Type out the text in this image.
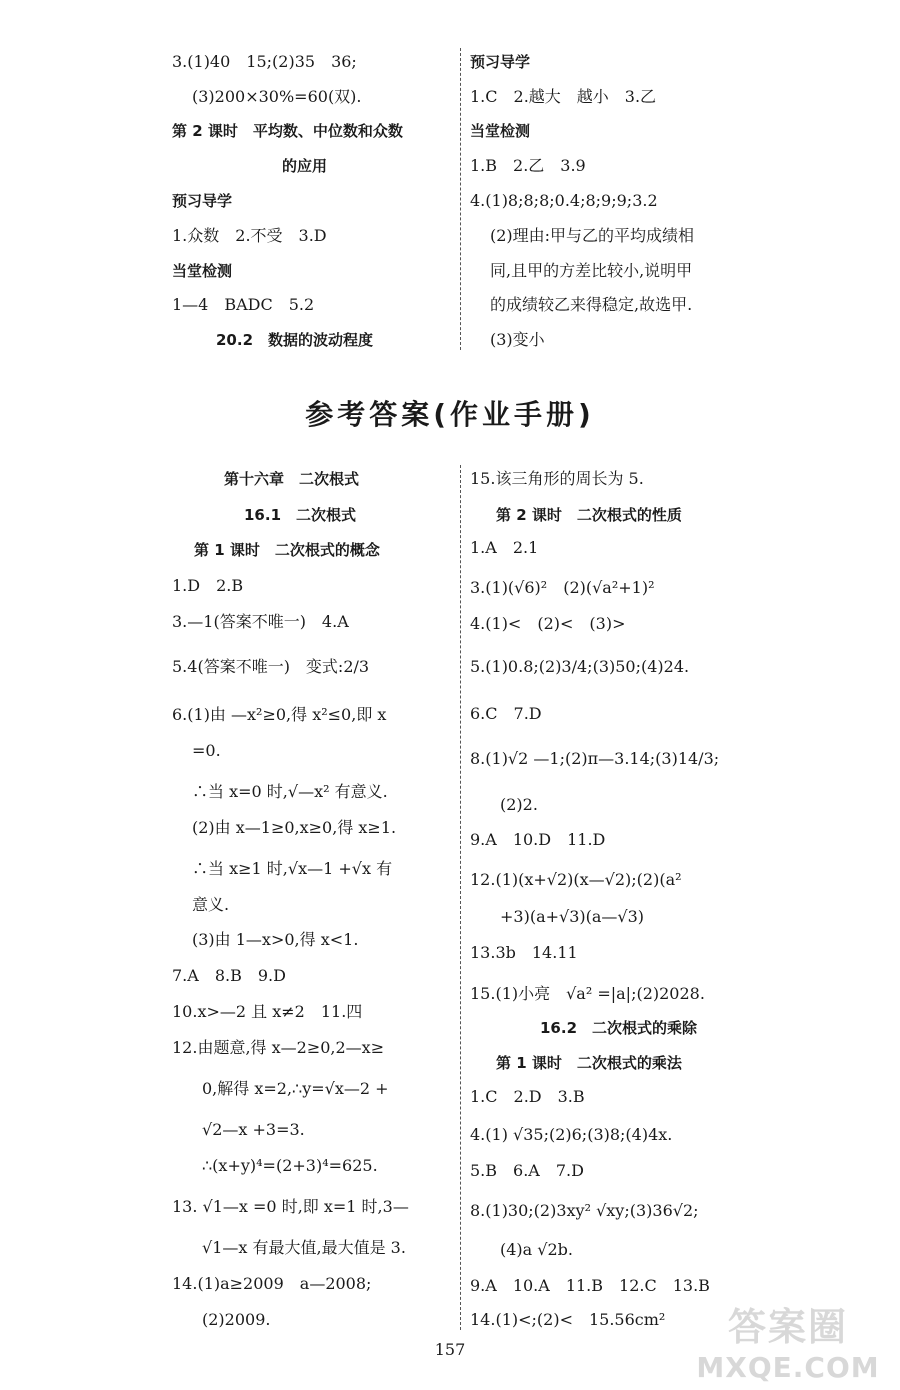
3.(1)40　15;(2)35　36;
(3)200×30%=60(双).
第 2 课时　平均数、中位数和众数
的应用
预习导学
1.众数　2.不受　3.D
当堂检测
1—4　BADC　5.2
20.2　数据的波动程度
预习导学
1.C　2.越大　越小　3.乙
当堂检测
1.B　2.乙　3.9
4.(1)8;8;8;0.4;8;9;9;3.2
(2)理由:甲与乙的平均成绩相
同,且甲的方差比较小,说明甲
的成绩较乙来得稳定,故选甲.
(3)变小
参考答案(作业手册)
第十六章　二次根式
16.1　二次根式
第 1 课时　二次根式的概念
1.D　2.B
3.—1(答案不唯一)　4.A
5.4(答案不唯一)　变式:2/3
6.(1)由 —x²≥0,得 x²≤0,即 x
=0.
∴当 x=0 时,√—x² 有意义.
(2)由 x—1≥0,x≥0,得 x≥1.
∴当 x≥1 时,√x—1 +√x 有
意义.
(3)由 1—x>0,得 x<1.
7.A　8.B　9.D
10.x>—2 且 x≠2　11.四
12.由题意,得 x—2≥0,2—x≥
0,解得 x=2,∴y=√x—2 +
√2—x +3=3.
∴(x+y)⁴=(2+3)⁴=625.
13. √1—x =0 时,即 x=1 时,3—
√1—x 有最大值,最大值是 3.
14.(1)a≥2009　a—2008;
(2)2009.
15.该三角形的周长为 5.
第 2 课时　二次根式的性质
1.A　2.1
3.(1)(√6)²　(2)(√a²+1)²
4.(1)<　(2)<　(3)>
5.(1)0.8;(2)3/4;(3)50;(4)24.
6.C　7.D
8.(1)√2 —1;(2)π—3.14;(3)14/3;
(2)2.
9.A　10.D　11.D
12.(1)(x+√2)(x—√2);(2)(a²
+3)(a+√3)(a—√3)
13.3b　14.11
15.(1)小亮　√a² =|a|;(2)2028.
16.2　二次根式的乘除
第 1 课时　二次根式的乘法
1.C　2.D　3.B
4.(1) √35;(2)6;(3)8;(4)4x.
5.B　6.A　7.D
8.(1)30;(2)3xy² √xy;(3)36√2;
(4)a √2b.
9.A　10.A　11.B　12.C　13.B
14.(1)<;(2)<　15.56cm²
157
答案圈
MXQE.COM
